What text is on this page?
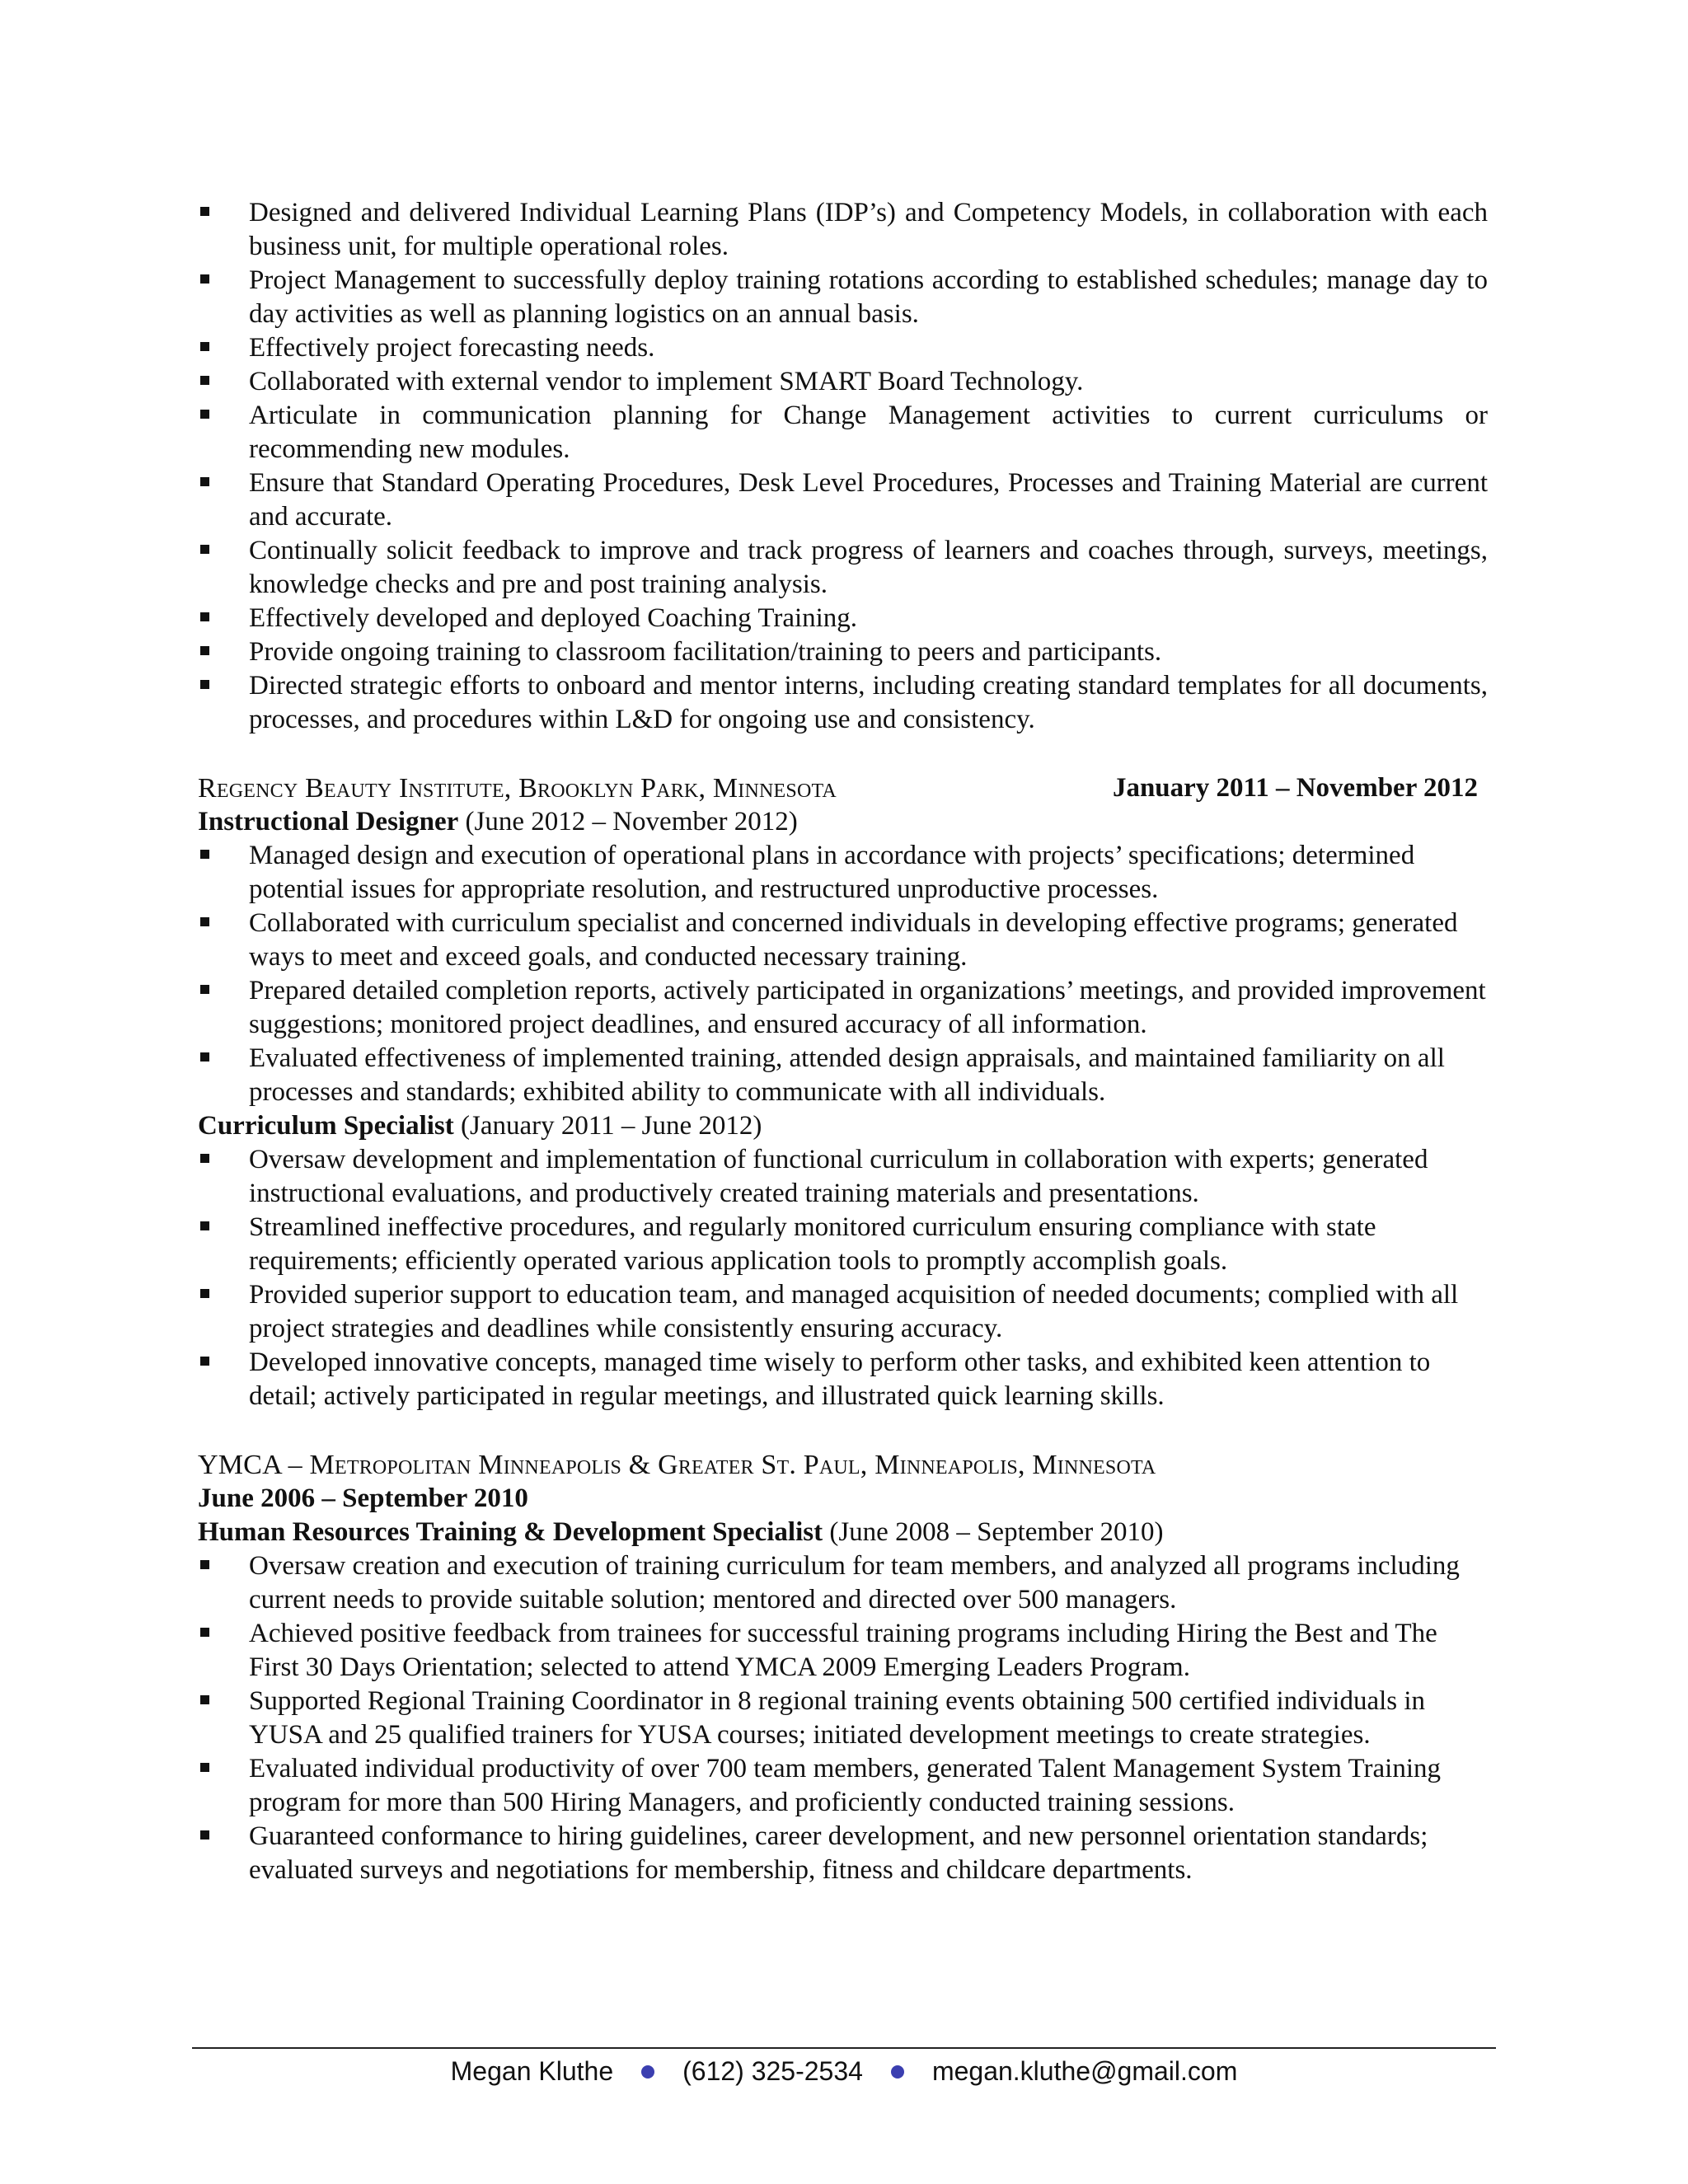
Designed and delivered Individual Learning Plans (IDP’s) and Competency Models, in collaboration with each business unit, for multiple operational roles.
Project Management to successfully deploy training rotations according to established schedules; manage day to day activities as well as planning logistics on an annual basis.
Effectively project forecasting needs.
Collaborated with external vendor to implement SMART Board Technology.
Articulate in communication planning for Change Management activities to current curriculums or recommending new modules.
Ensure that Standard Operating Procedures, Desk Level Procedures, Processes and Training Material are current and accurate.
Continually solicit feedback to improve and track progress of learners and coaches through, surveys, meetings, knowledge checks and pre and post training analysis.
Effectively developed and deployed Coaching Training.
Provide ongoing training to classroom facilitation/training to peers and participants.
Directed strategic efforts to onboard and mentor interns, including creating standard templates for all documents, processes, and procedures within L&D for ongoing use and consistency.
Regency Beauty Institute, Brooklyn Park, Minnesota	January 2011 – November 2012
Instructional Designer (June 2012 – November 2012)
Managed design and execution of operational plans in accordance with projects’ specifications; determined potential issues for appropriate resolution, and restructured unproductive processes.
Collaborated with curriculum specialist and concerned individuals in developing effective programs; generated ways to meet and exceed goals, and conducted necessary training.
Prepared detailed completion reports, actively participated in organizations’ meetings, and provided improvement suggestions; monitored project deadlines, and ensured accuracy of all information.
Evaluated effectiveness of implemented training, attended design appraisals, and maintained familiarity on all processes and standards; exhibited ability to communicate with all individuals.
Curriculum Specialist (January 2011 – June 2012)
Oversaw development and implementation of functional curriculum in collaboration with experts; generated instructional evaluations, and productively created training materials and presentations.
Streamlined ineffective procedures, and regularly monitored curriculum ensuring compliance with state requirements; efficiently operated various application tools to promptly accomplish goals.
Provided superior support to education team, and managed acquisition of needed documents; complied with all project strategies and deadlines while consistently ensuring accuracy.
Developed innovative concepts, managed time wisely to perform other tasks, and exhibited keen attention to detail; actively participated in regular meetings, and illustrated quick learning skills.
YMCA – Metropolitan Minneapolis & Greater St. Paul, Minneapolis, Minnesota
June 2006 – September 2010
Human Resources Training & Development Specialist (June 2008 – September 2010)
Oversaw creation and execution of training curriculum for team members, and analyzed all programs including current needs to provide suitable solution; mentored and directed over 500 managers.
Achieved positive feedback from trainees for successful training programs including Hiring the Best and The First 30 Days Orientation; selected to attend YMCA 2009 Emerging Leaders Program.
Supported Regional Training Coordinator in 8 regional training events obtaining 500 certified individuals in YUSA and 25 qualified trainers for YUSA courses; initiated development meetings to create strategies.
Evaluated individual productivity of over 700 team members, generated Talent Management System Training program for more than 500 Hiring Managers, and proficiently conducted training sessions.
Guaranteed conformance to hiring guidelines, career development, and new personnel orientation standards; evaluated surveys and negotiations for membership, fitness and childcare departments.
Megan Kluthe	(612) 325-2534	megan.kluthe@gmail.com
